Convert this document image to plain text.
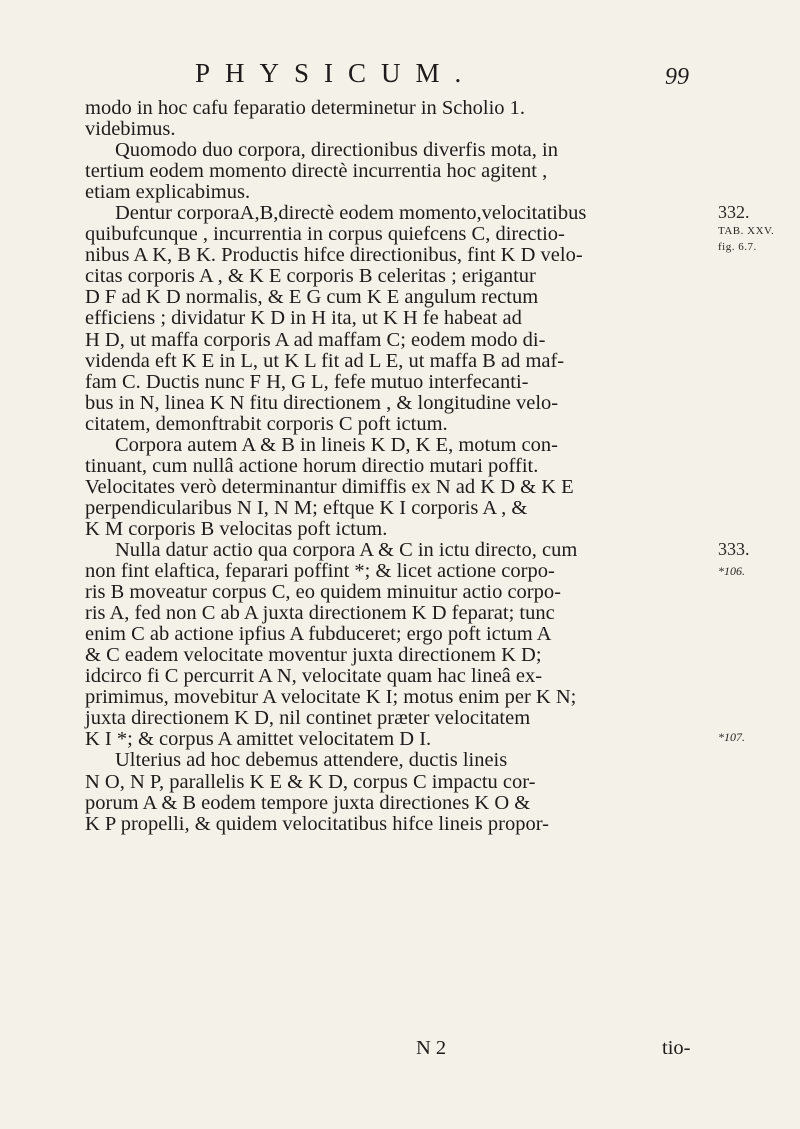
PHYSICUM.	99
modo in hoc cafu feparatio determinetur in Scholio 1.
videbimus.
Quomodo duo corpora, directionibus diverfis mota, in
tertium eodem momento directè incurrentia hoc agitent ,
etiam explicabimus.
Dentur corporaA,B,directè eodem momento,velocitatibus
quibufcunque , incurrentia in corpus quiefcens C, directio-
nibus A K, B K. Productis hifce directionibus, fint K D velo-
citas corporis A , & K E corporis B celeritas ; erigantur
D F ad K D normalis, & E G cum K E angulum rectum
efficiens ; dividatur K D in H ita, ut K H fe habeat ad
H D, ut maffa corporis A ad maffam C; eodem modo di-
videnda eft K E in L, ut K L fit ad L E, ut maffa B ad maf-
fam C. Ductis nunc F H, G L, fefe mutuo interfecanti-
bus in N, linea K N fitu directionem , & longitudine velo-
citatem, demonftrabit corporis C poft ictum.
Corpora autem A & B in lineis K D, K E, motum con-
tinuant, cum nullâ actione horum directio mutari poffit.
Velocitates verò determinantur dimiffis ex N ad K D & K E
perpendicularibus N I, N M; eftque K I corporis A , &
K M corporis B velocitas poft ictum.
Nulla datur actio qua corpora A & C in ictu directo, cum
non fint elaftica, feparari poffint *; & licet actione corpo-
ris B moveatur corpus C, eo quidem minuitur actio corpo-
ris A, fed non C ab A juxta directionem K D feparat; tunc
enim C ab actione ipfius A fubduceret; ergo poft ictum A
& C eadem velocitate moventur juxta directionem K D;
idcirco fi C percurrit A N, velocitate quam hac lineâ ex-
primimus, movebitur A velocitate K I; motus enim per K N;
juxta directionem K D, nil continet præter velocitatem
K I *; & corpus A amittet velocitatem D I.
Ulterius ad hoc debemus attendere, ductis lineis
N O, N P, parallelis K E & K D, corpus C impactu cor-
porum A & B eodem tempore juxta directiones K O &
K P propelli, & quidem velocitatibus hifce lineis propor-
332.
TAB. XXV.
fig. 6.7.
333.
*106.
*107.
N 2	tio-
